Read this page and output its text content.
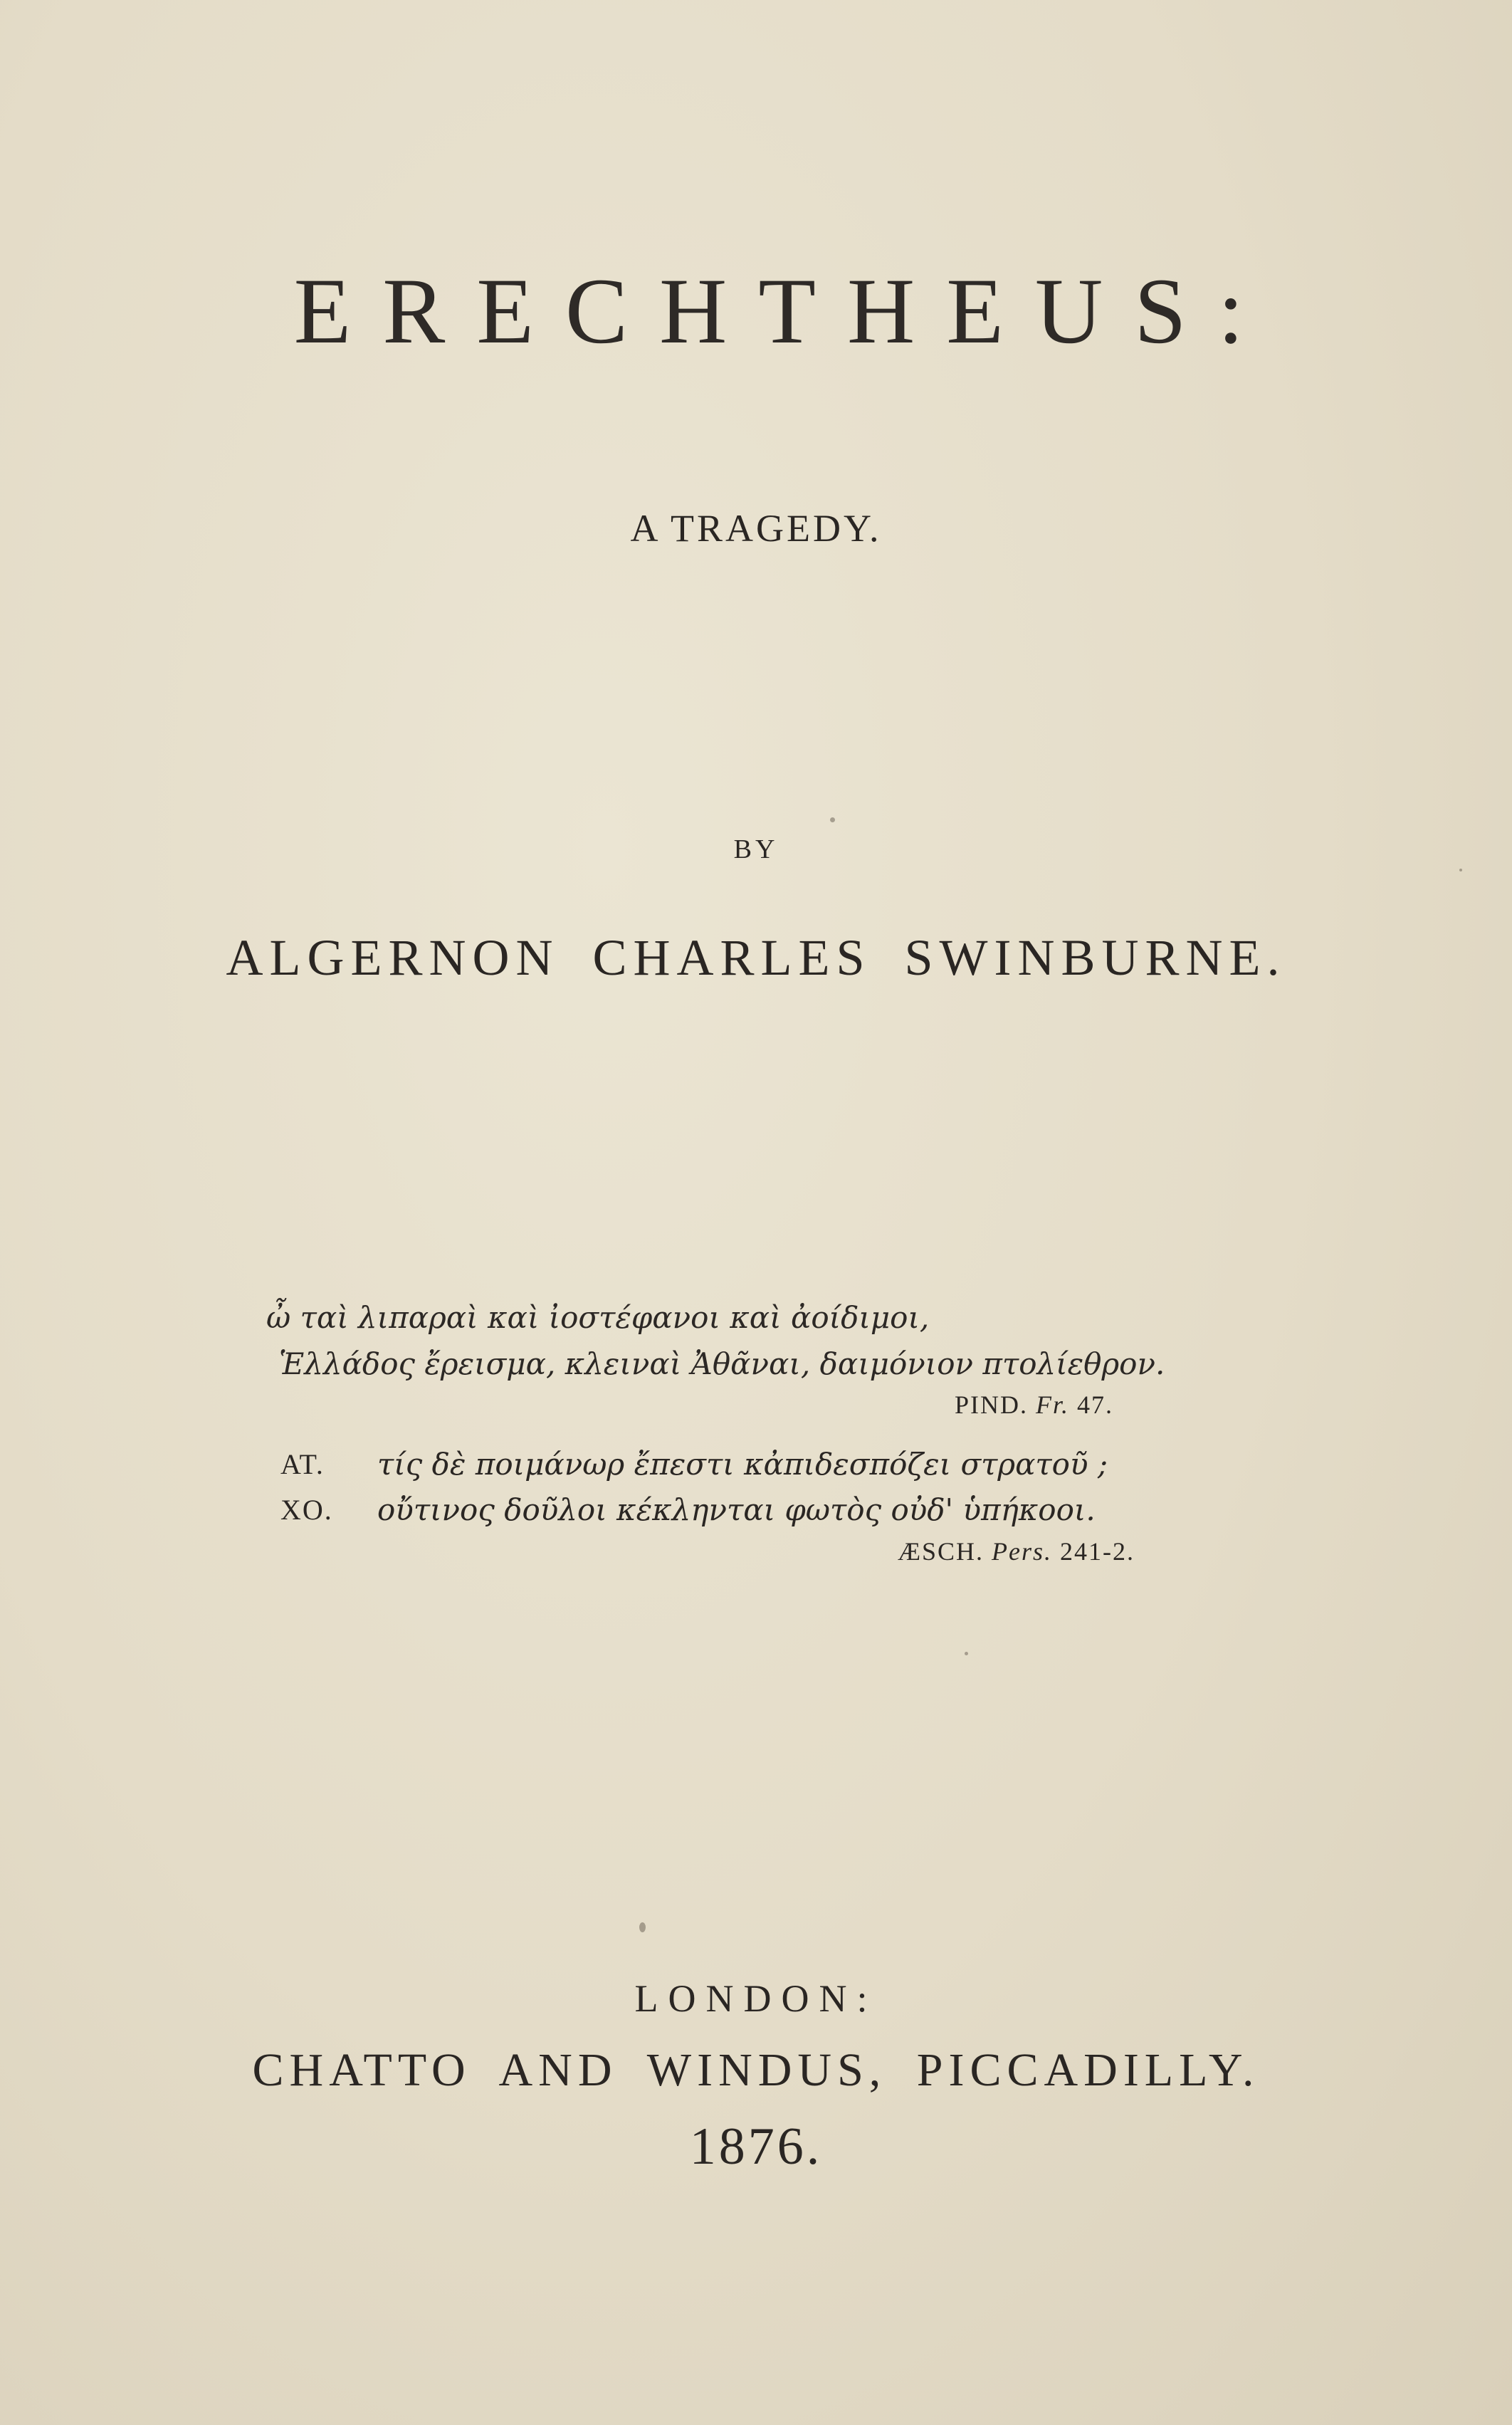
ERECHTHEUS:
A TRAGEDY.
BY
ALGERNON CHARLES SWINBURNE.
ὦ ταὶ λιπαραὶ καὶ ἰοστέφανοι καὶ ἀοίδιμοι,
Ἑλλάδος ἔρεισμα, κλειναὶ Ἀθᾶναι, δαιμόνιον πτολίεθρον.
PIND. Fr. 47.
AT. τίς δὲ ποιμάνωρ ἔπεστι κἀπιδεσπόζει στρατοῦ ;
XO. οὔτινος δοῦλοι κέκληνται φωτὸς οὐδ' ὑπήκοοι.
ÆSCH. Pers. 241-2.
LONDON:
CHATTO AND WINDUS, PICCADILLY.
1876.
